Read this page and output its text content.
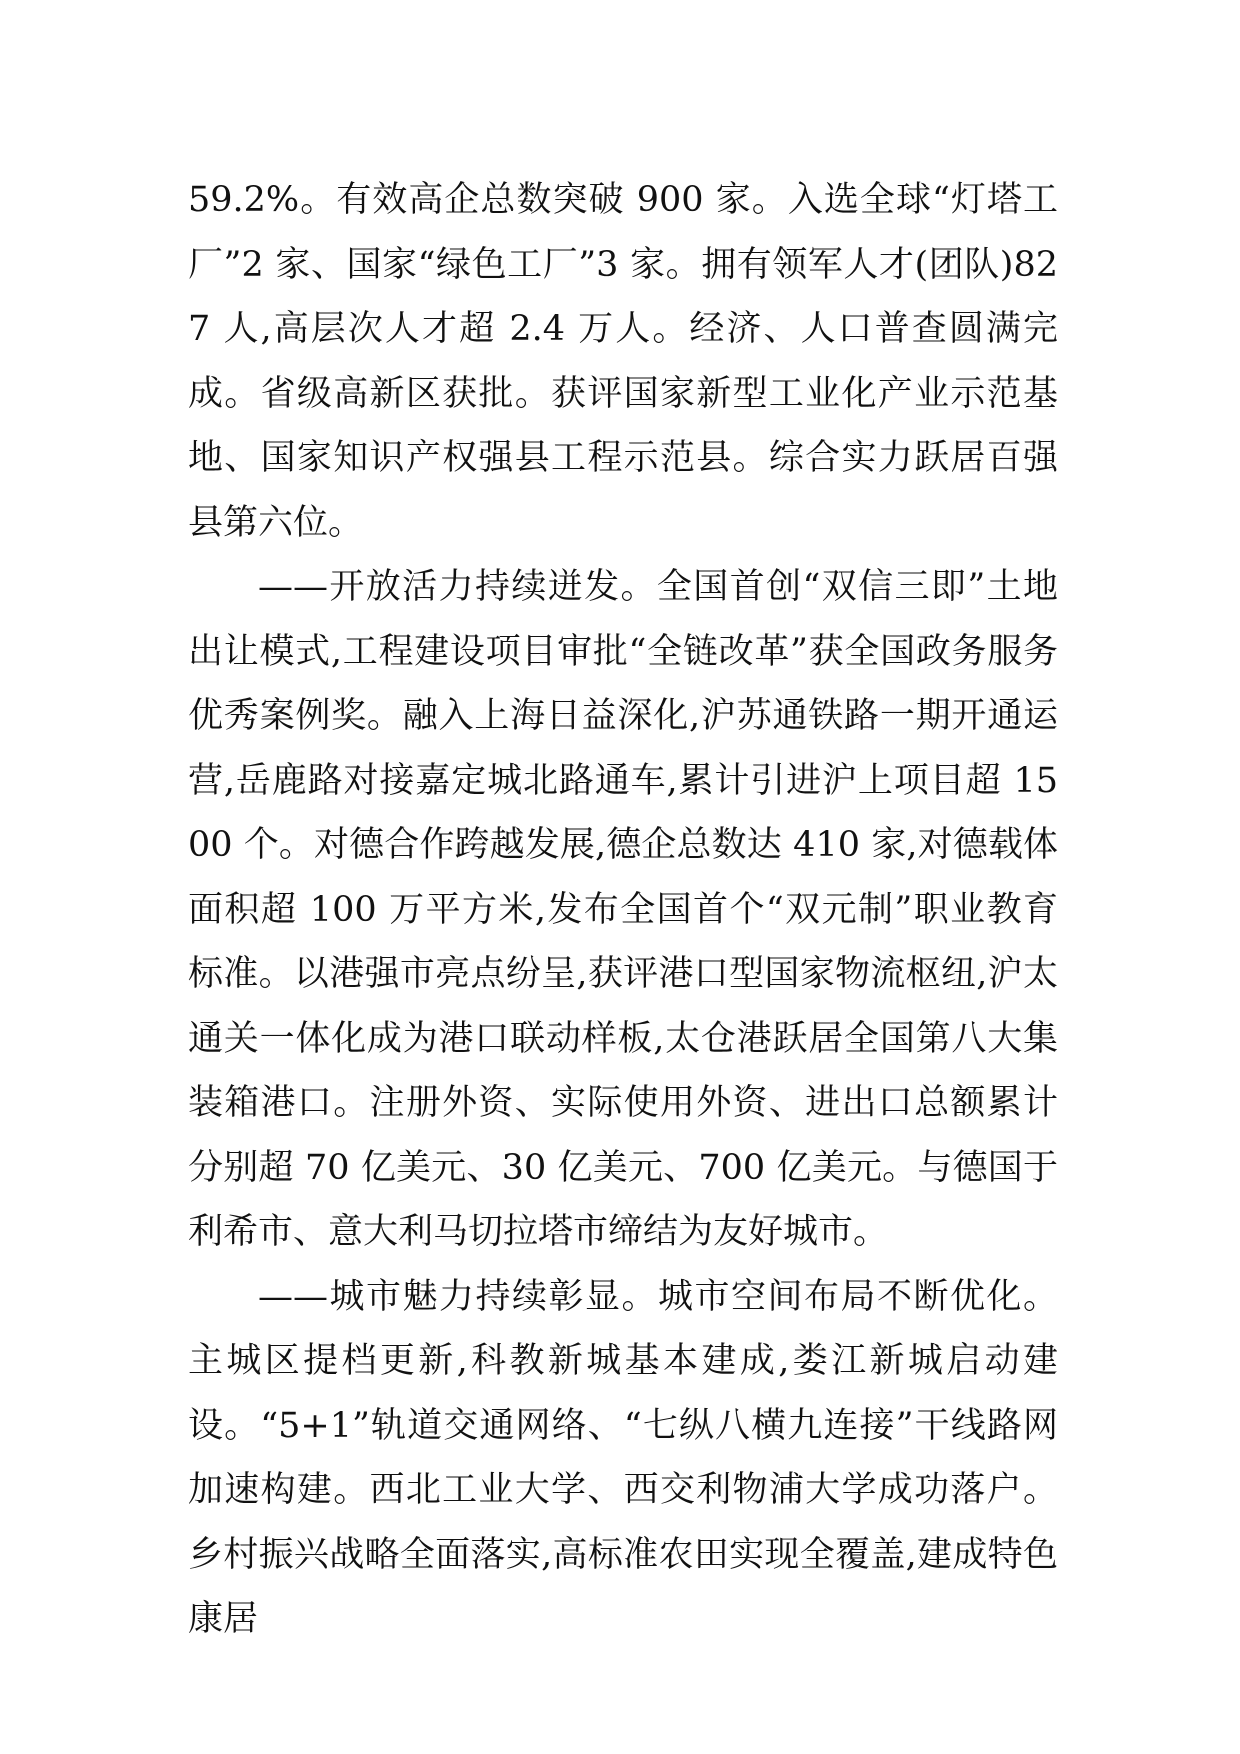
59.2%。有效高企总数突破 900 家。入选全球“灯塔工厂”2 家、国家“绿色工厂”3 家。拥有领军人才(团队)827 人,高层次人才超 2.4 万人。经济、人口普查圆满完成。省级高新区获批。获评国家新型工业化产业示范基地、国家知识产权强县工程示范县。综合实力跃居百强县第六位。

——开放活力持续迸发。全国首创“双信三即”土地出让模式,工程建设项目审批“全链改革”获全国政务服务优秀案例奖。融入上海日益深化,沪苏通铁路一期开通运营,岳鹿路对接嘉定城北路通车,累计引进沪上项目超 1500 个。对德合作跨越发展,德企总数达 410 家,对德载体面积超 100 万平方米,发布全国首个“双元制”职业教育标准。以港强市亮点纷呈,获评港口型国家物流枢纽,沪太通关一体化成为港口联动样板,太仓港跃居全国第八大集装箱港口。注册外资、实际使用外资、进出口总额累计分别超 70 亿美元、30 亿美元、700 亿美元。与德国于利希市、意大利马切拉塔市缔结为友好城市。

——城市魅力持续彰显。城市空间布局不断优化。主城区提档更新,科教新城基本建成,娄江新城启动建设。“5+1”轨道交通网络、“七纵八横九连接”干线路网加速构建。西北工业大学、西交利物浦大学成功落户。乡村振兴战略全面落实,高标准农田实现全覆盖,建成特色康居
